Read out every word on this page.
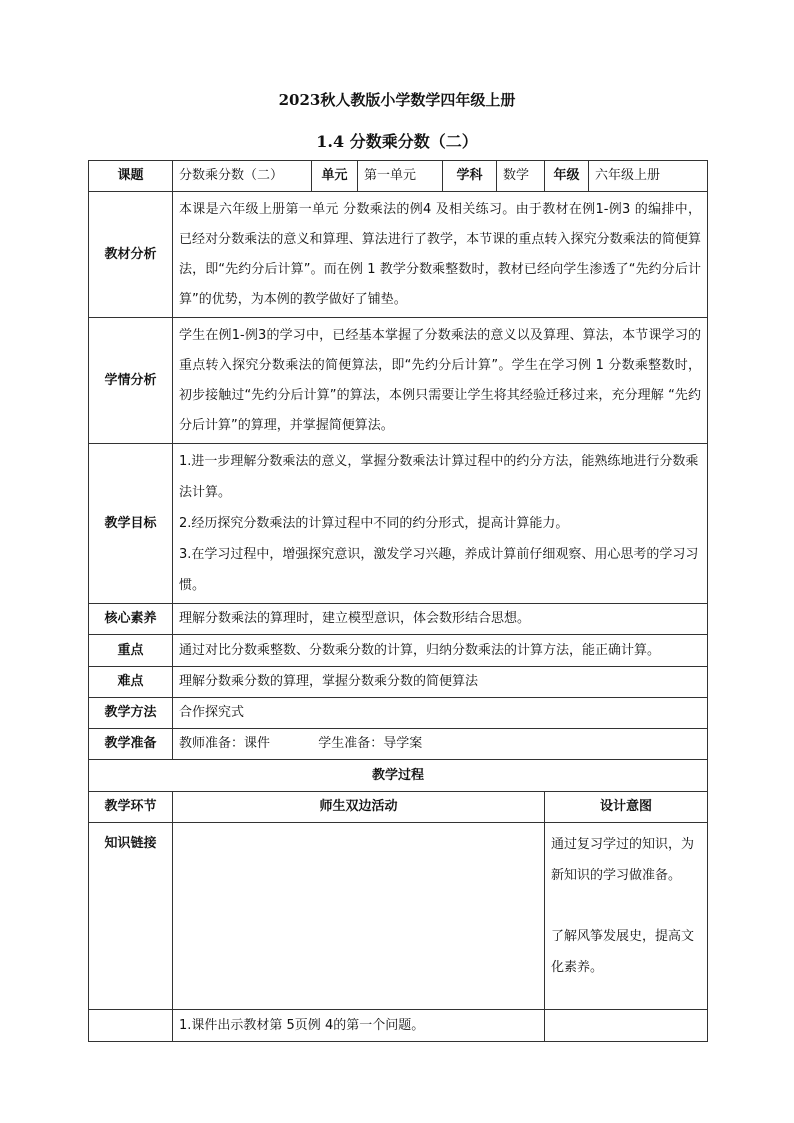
2023秋人教版小学数学四年级上册
1.4 分数乘分数（二）
课题	分数乘分数（二）	单元	第一单元	学科	数学	年级	六年级上册
教材分析	本课是六年级上册第一单元 分数乘法的例4 及相关练习。由于教材在例1-例3 的编排中，已经对分数乘法的意义和算理、算法进行了教学，本节课的重点转入探究分数乘法的简便算法，即“先约分后计算”。而在例 1 教学分数乘整数时，教材已经向学生渗透了“先约分后计算”的优势，为本例的教学做好了铺垫。						
学情分析	学生在例1-例3的学习中，已经基本掌握了分数乘法的意义以及算理、算法，本节课学习的重点转入探究分数乘法的简便算法，即“先约分后计算”。学生在学习例 1 分数乘整数时，初步接触过“先约分后计算”的算法，本例只需要让学生将其经验迁移过来，充分理解 “先约分后计算”的算理，并掌握简便算法。						
教学目标	1.进一步理解分数乘法的意义，掌握分数乘法计算过程中的约分方法，能熟练地进行分数乘法计算。
2.经历探究分数乘法的计算过程中不同的约分形式，提高计算能力。
3.在学习过程中，增强探究意识，激发学习兴趣，养成计算前仔细观察、用心思考的学习习惯。						

核心素养	理解分数乘法的算理时，建立模型意识，体会数形结合思想。						
重点	通过对比分数乘整数、分数乘分数的计算，归纳分数乘法的计算方法，能正确计算。						
难点	理解分数乘分数的算理，掌握分数乘分数的简便算法						
教学方法	合作探究式						
教学准备	教师准备：课件 学生准备：导学案						
教学过程							
教学环节	师生双边活动					设计意图	
知识链接						通过复习学过的知识，为新知识的学习做准备。
了解风筝发展史，提高文化素养。	

	1.课件出示教材第 5页例 4的第一个问题。						
